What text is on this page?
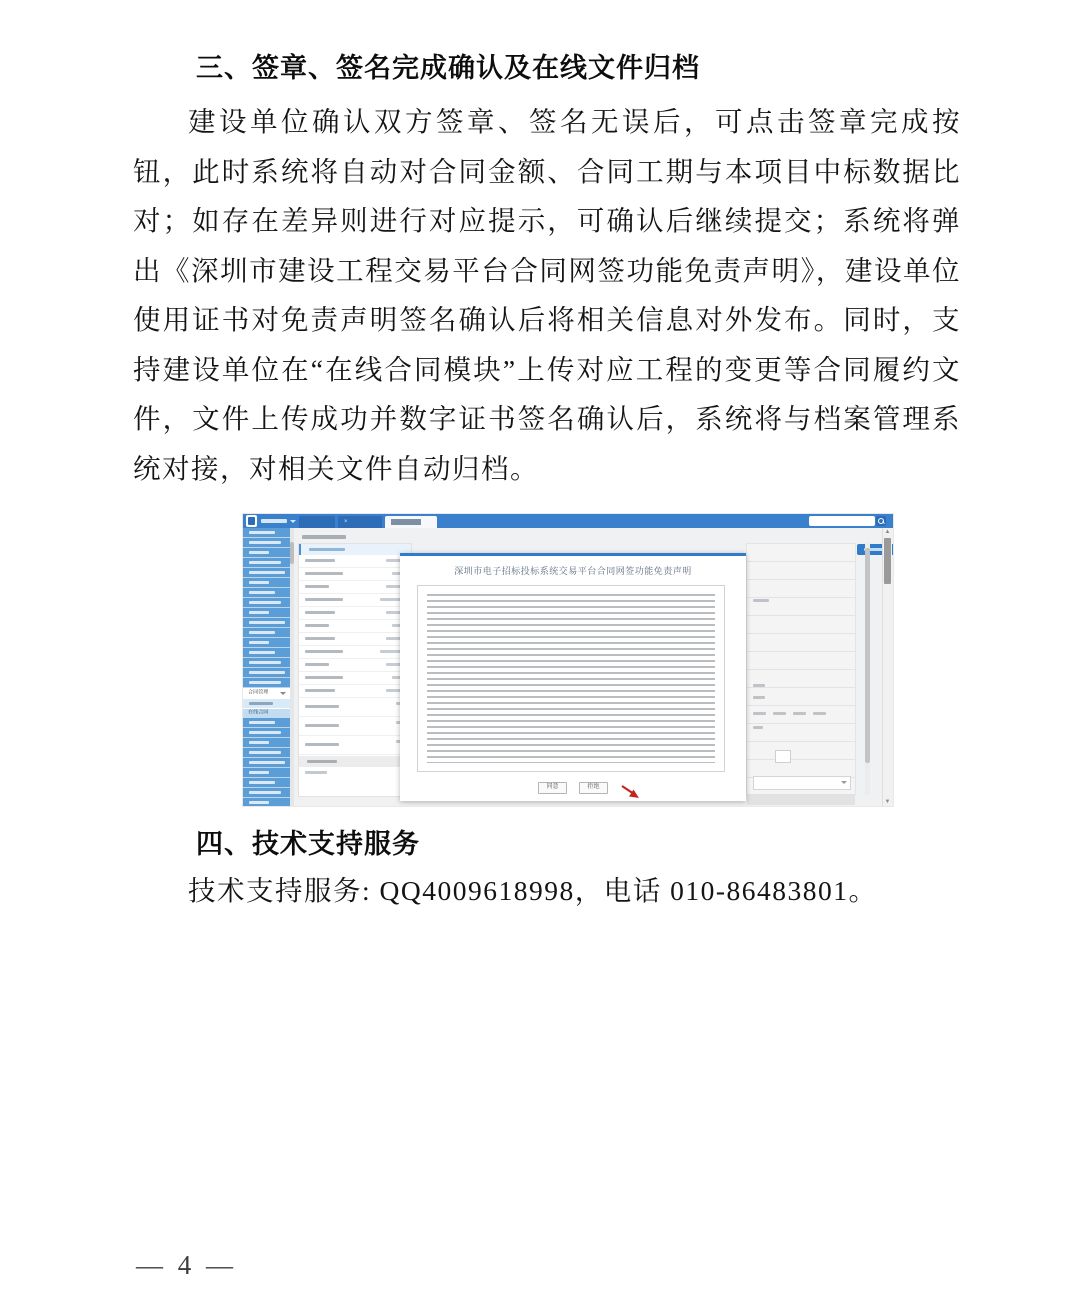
三、签章、签名完成确认及在线文件归档

建设单位确认双方签章、签名无误后，可点击签章完成按钮，此时系统将自动对合同金额、合同工期与本项目中标数据比对；如存在差异则进行对应提示，可确认后继续提交；系统将弹出《深圳市建设工程交易平台合同网签功能免责声明》，建设单位使用证书对免责声明签名确认后将相关信息对外发布。同时，支持建设单位在“在线合同模块”上传对应工程的变更等合同履约文件，文件上传成功并数字证书签名确认后，系统将与档案管理系统对接，对相关文件自动归档。

×	×
合同管理
在线合同
深圳市电子招标投标系统交易平台合同网签功能免责声明
同意	拒绝
▲
▼
四、技术支持服务

技术支持服务: QQ4009618998，电话 010-86483801。

— 4 —
